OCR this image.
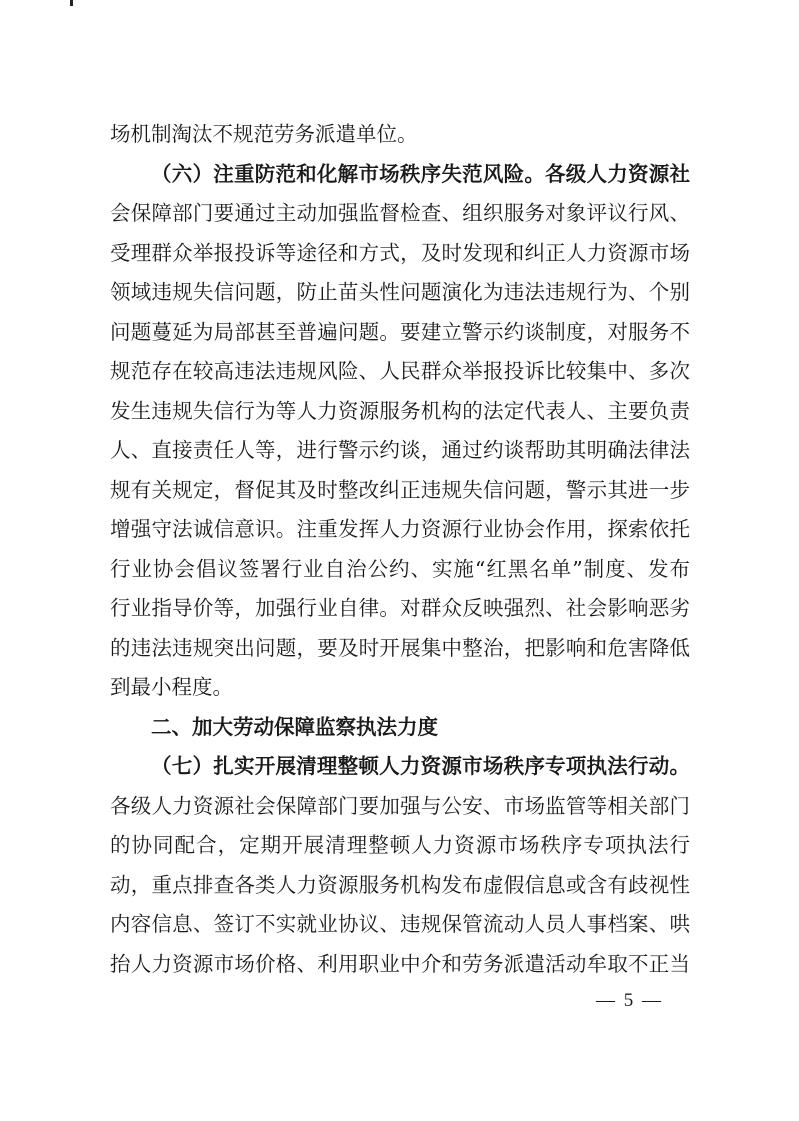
场机制淘汰不规范劳务派遣单位。
（六）注重防范和化解市场秩序失范风险。各级人力资源社
会保障部门要通过主动加强监督检查、组织服务对象评议行风、
受理群众举报投诉等途径和方式，及时发现和纠正人力资源市场
领域违规失信问题，防止苗头性问题演化为违法违规行为、个别
问题蔓延为局部甚至普遍问题。要建立警示约谈制度，对服务不
规范存在较高违法违规风险、人民群众举报投诉比较集中、多次
发生违规失信行为等人力资源服务机构的法定代表人、主要负责
人、直接责任人等，进行警示约谈，通过约谈帮助其明确法律法
规有关规定，督促其及时整改纠正违规失信问题，警示其进一步
增强守法诚信意识。注重发挥人力资源行业协会作用，探索依托
行业协会倡议签署行业自治公约、实施“红黑名单”制度、发布
行业指导价等，加强行业自律。对群众反映强烈、社会影响恶劣
的违法违规突出问题，要及时开展集中整治，把影响和危害降低
到最小程度。
二、加大劳动保障监察执法力度
（七）扎实开展清理整顿人力资源市场秩序专项执法行动。
各级人力资源社会保障部门要加强与公安、市场监管等相关部门
的协同配合，定期开展清理整顿人力资源市场秩序专项执法行
动，重点排查各类人力资源服务机构发布虚假信息或含有歧视性
内容信息、签订不实就业协议、违规保管流动人员人事档案、哄
抬人力资源市场价格、利用职业中介和劳务派遣活动牟取不正当
— 5 —
